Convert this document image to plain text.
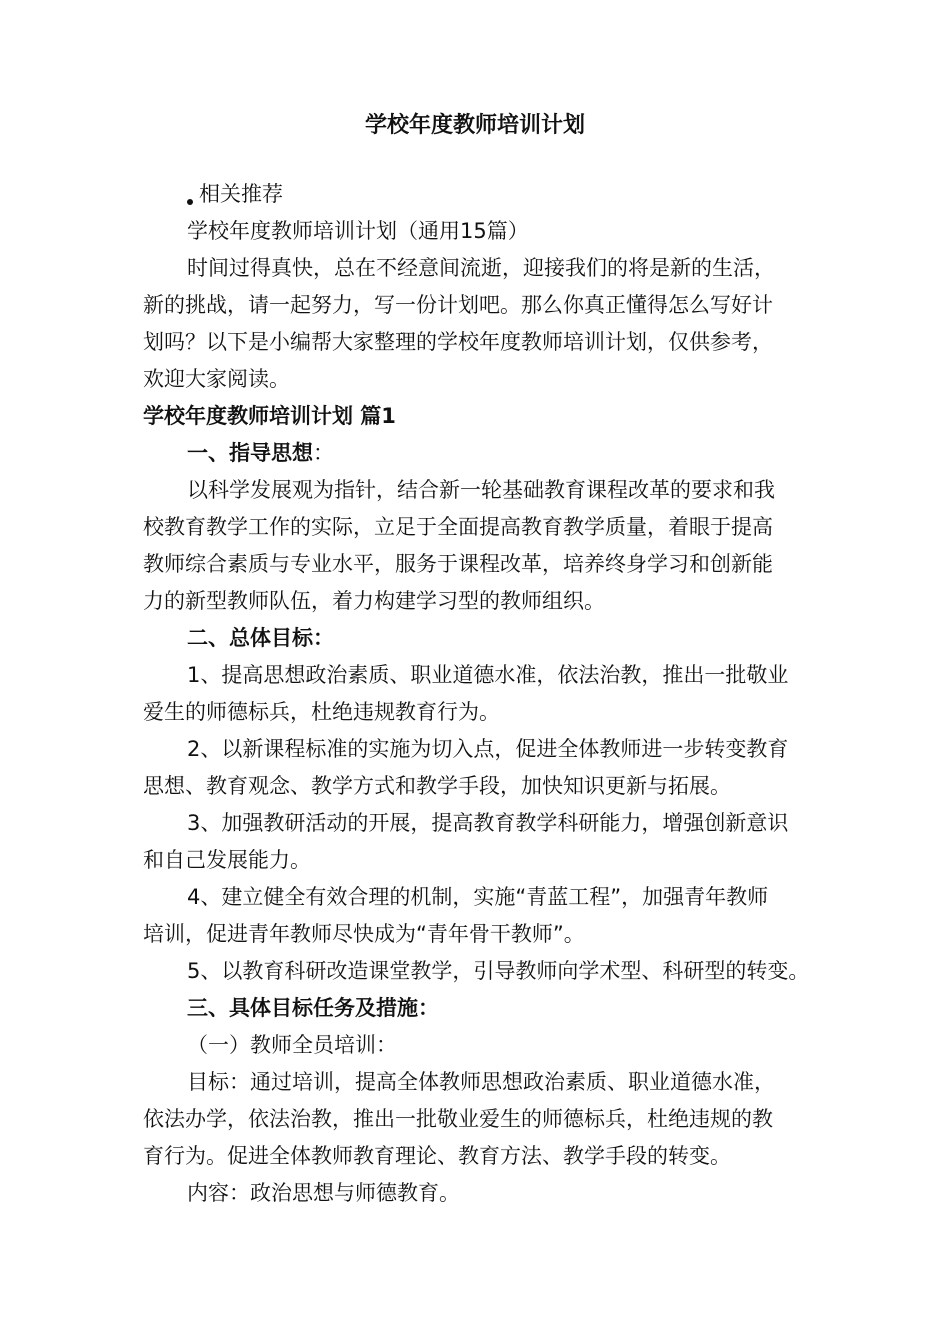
学校年度教师培训计划

相关推荐

学校年度教师培训计划（通用15篇）

时间过得真快，总在不经意间流逝，迎接我们的将是新的生活，

新的挑战，请一起努力，写一份计划吧。那么你真正懂得怎么写好计

划吗？以下是小编帮大家整理的学校年度教师培训计划，仅供参考，

欢迎大家阅读。

学校年度教师培训计划 篇1

一、指导思想：

以科学发展观为指针，结合新一轮基础教育课程改革的要求和我

校教育教学工作的实际，立足于全面提高教育教学质量，着眼于提高

教师综合素质与专业水平，服务于课程改革，培养终身学习和创新能

力的新型教师队伍，着力构建学习型的教师组织。

二、总体目标：

1、提高思想政治素质、职业道德水准，依法治教，推出一批敬业

爱生的师德标兵，杜绝违规教育行为。

2、以新课程标准的实施为切入点，促进全体教师进一步转变教育

思想、教育观念、教学方式和教学手段，加快知识更新与拓展。

3、加强教研活动的开展，提高教育教学科研能力，增强创新意识

和自己发展能力。

4、建立健全有效合理的机制，实施“青蓝工程”，加强青年教师

培训，促进青年教师尽快成为“青年骨干教师”。

5、以教育科研改造课堂教学，引导教师向学术型、科研型的转变。

三、具体目标任务及措施：

（一）教师全员培训：

目标：通过培训，提高全体教师思想政治素质、职业道德水准，

依法办学，依法治教，推出一批敬业爱生的师德标兵，杜绝违规的教

育行为。促进全体教师教育理论、教育方法、教学手段的转变。

内容：政治思想与师德教育。
